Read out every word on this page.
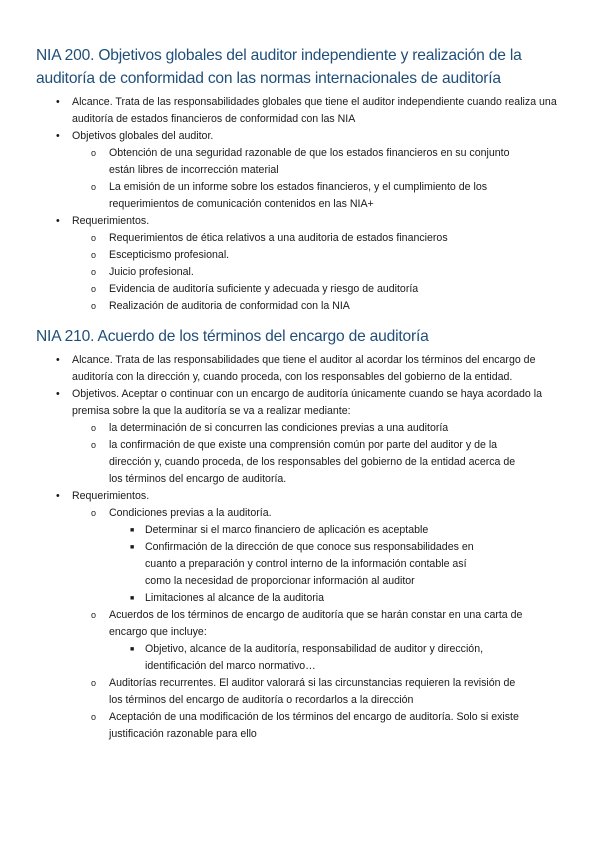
NIA 200. Objetivos globales del auditor independiente y realización de la auditoría de conformidad con las normas internacionales de auditoría
• Alcance. Trata de las responsabilidades globales que tiene el auditor independiente cuando realiza una auditoría de estados financieros de conformidad con las NIA
• Objetivos globales del auditor.
o Obtención de una seguridad razonable de que los estados financieros en su conjunto están libres de incorrección material
o La emisión de un informe sobre los estados financieros, y el cumplimiento de los requerimientos de comunicación contenidos en las NIA+
• Requerimientos.
o Requerimientos de ética relativos a una auditoria de estados financieros
o Escepticismo profesional.
o Juicio profesional.
o Evidencia de auditoría suficiente y adecuada y riesgo de auditoría
o Realización de auditoria de conformidad con la NIA
NIA 210. Acuerdo de los términos del encargo de auditoría
• Alcance. Trata de las responsabilidades que tiene el auditor al acordar los términos del encargo de auditoría con la dirección y, cuando proceda, con los responsables del gobierno de la entidad.
• Objetivos. Aceptar o continuar con un encargo de auditoría únicamente cuando se haya acordado la premisa sobre la que la auditoría se va a realizar mediante:
o la determinación de si concurren las condiciones previas a una auditoría
o la confirmación de que existe una comprensión común por parte del auditor y de la dirección y, cuando proceda, de los responsables del gobierno de la entidad acerca de los términos del encargo de auditoría.
• Requerimientos.
o Condiciones previas a la auditoría.
■ Determinar si el marco financiero de aplicación es aceptable
■ Confirmación de la dirección de que conoce sus responsabilidades en cuanto a preparación y control interno de la información contable así como la necesidad de proporcionar información al auditor
■ Limitaciones al alcance de la auditoria
o Acuerdos de los términos de encargo de auditoría que se harán constar en una carta de encargo que incluye:
■ Objetivo, alcance de la auditoría, responsabilidad de auditor y dirección, identificación del marco normativo…
o Auditorías recurrentes. El auditor valorará si las circunstancias requieren la revisión de los términos del encargo de auditoría o recordarlos a la dirección
o Aceptación de una modificación de los términos del encargo de auditoría. Solo si existe justificación razonable para ello
